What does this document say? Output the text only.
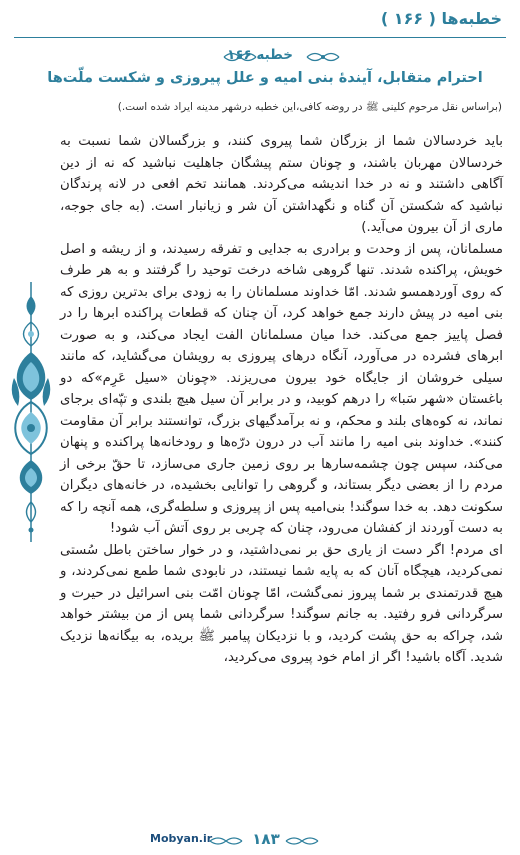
خطبه‌ها ( ۱۶۶ )
خطبه ۱۶۶
احترام متقابل، آیندۀ بنی امیه و علل پیروزی و شکست ملّت‌ها
(براساس نقل مرحوم کلینی ﷺ در روضه کافی،این خطبه درشهر مدینه ایراد شده است.)

باید خردسالان شما از بزرگان شما پیروی کنند، و بزرگسالان شما نسبت به خردسالان مهربان باشند، و چونان ستم پیشگان جاهلیت نباشید که نه از دین آگاهی داشتند و نه در خدا اندیشه می‌کردند. همانند تخم افعی در لانه پرندگان نباشید که شکستن آن گناه و نگهداشتن آن شر و زیانبار است. (به جای جوجه، ماری از آن بیرون می‌آید.)

مسلمانان، پس از وحدت و برادری به جدایی و تفرقه رسیدند، و از ریشه و اصل خویش، پراکنده شدند. تنها گروهی شاخه درخت توحید را گرفتند و به هر طرف که روی آوردهمسو شدند. امّا خداوند مسلمانان را به زودی برای بدترین روزی که بنی امیه در پیش دارند جمع خواهد کرد، آن چنان که قطعات پراکنده ابرها را در فصل پاییز جمع می‌کند. خدا میان مسلمانان الفت ایجاد می‌کند، و به صورت ابرهای فشرده در می‌آورد، آنگاه درهای پیروزی به رویشان می‌گشاید، که مانند سیلی خروشان از جایگاه خود بیرون می‌ریزند. «چونان «سیل عَرِم»که دو باغستان «شهر سَبا» را درهم کوبید، و در برابر آن سیل هیچ بلندی و تپّه‌ای برجای نماند، نه کوه‌های بلند و محکم، و نه برآمدگیهای بزرگ، توانستند برابر آن مقاومت کنند». خداوند بنی امیه را مانند آب در درون درّه‌ها و رودخانه‌ها پراکنده و پنهان می‌کند، سپس چون چشمه‌سارها بر روی زمین جاری می‌سازد، تا حقّ برخی از مردم را از بعضی دیگر بستاند، و گروهی را توانایی بخشیده، در خانه‌های دیگران سکونت دهد. به خدا سوگند! بنی‌امیه پس از پیروزی و سلطه‌گری، همه آنچه را که به دست آوردند از کفشان می‌رود، چنان که چربی بر روی آتش آب شود!

ای مردم! اگر دست از یاری حق بر نمی‌داشتید، و در خوار ساختن باطل سُستی نمی‌کردید، هیچگاه آنان که به پایه شما نیستند، در نابودی شما طمع نمی‌کردند، و هیچ قدرتمندی بر شما پیروز نمی‌گشت، امّا چونان امّت بنی اسرائیل در حیرت و سرگردانی فرو رفتید. به جانم سوگند! سرگردانی شما پس از من بیشتر خواهد شد، چراکه به حق پشت کردید، و با نزدیکان پیامبر ﷺ بریده، به بیگانه‌ها نزدیک شدید. آگاه باشید! اگر از امام خود پیروی می‌کردید،

Mobyan.ir	۱۸۳
